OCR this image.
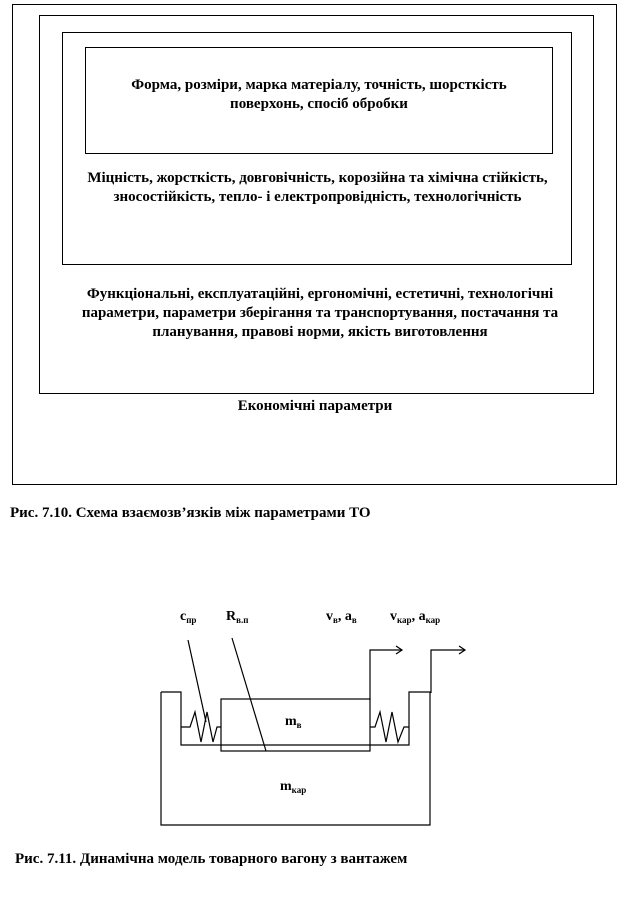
Форма, розміри, марка матеріалу, точність, шорсткість поверхонь, спосіб обробки
Міцність, жорсткість, довговічність, корозійна та хімічна стійкість, зносостійкість, тепло- і електропровідність, технологічність
Функціональні, експлуатаційні, ергономічні, естетичні, технологічні параметри, параметри зберігання та транспортування, постачання та планування, правові норми, якість виготовлення
Економічні параметри
Рис. 7.10. Схема взаємозв’язків між параметрами ТО
$с_{пр}$ $R_{в.п}$	$v_в$, $a_в$ $v_{кар}$, $a_{кар}$
$m_в$
$m_{кар}$
Рис. 7.11. Динамічна модель товарного вагону з вантажем
